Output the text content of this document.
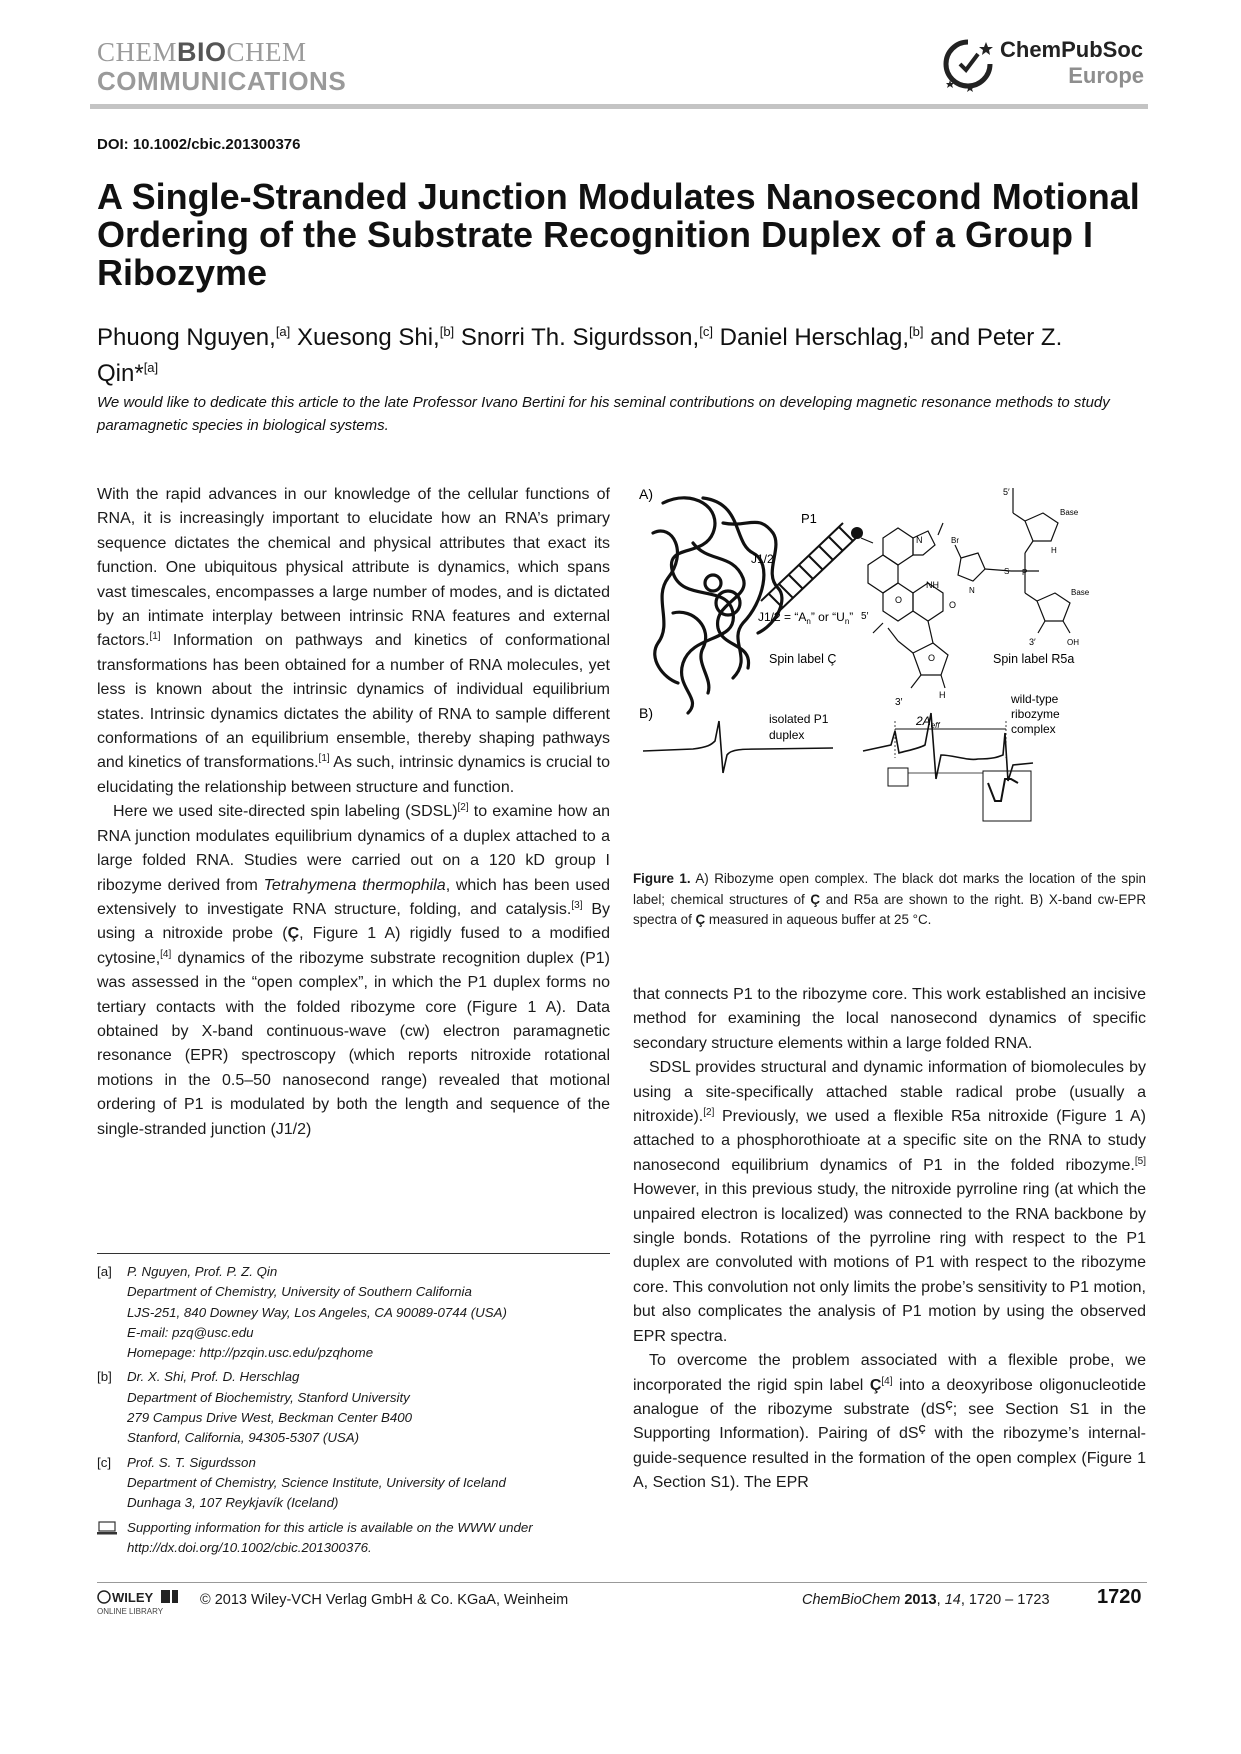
CHEMBIOCHEM
COMMUNICATIONS
ChemPubSoc
Europe
DOI: 10.1002/cbic.201300376
A Single-Stranded Junction Modulates Nanosecond Motional Ordering of the Substrate Recognition Duplex of a Group I Ribozyme
Phuong Nguyen,[a] Xuesong Shi,[b] Snorri Th. Sigurdsson,[c] Daniel Herschlag,[b] and Peter Z. Qin*[a]
We would like to dedicate this article to the late Professor Ivano Bertini for his seminal contributions on developing magnetic resonance methods to study paramagnetic species in biological systems.

With the rapid advances in our knowledge of the cellular functions of RNA, it is increasingly important to elucidate how an RNA’s primary sequence dictates the chemical and physical attributes that exact its function. One ubiquitous physical attribute is dynamics, which spans vast timescales, encompasses a large number of modes, and is dictated by an intimate interplay between intrinsic RNA features and external factors.[1] Information on pathways and kinetics of conformational transformations has been obtained for a number of RNA molecules, yet less is known about the intrinsic dynamics of individual equilibrium states. Intrinsic dynamics dictates the ability of RNA to sample different conformations of an equilibrium ensemble, thereby shaping pathways and kinetics of transformations.[1] As such, intrinsic dynamics is crucial to elucidating the relationship between structure and function.

Here we used site-directed spin labeling (SDSL)[2] to examine how an RNA junction modulates equilibrium dynamics of a duplex attached to a large folded RNA. Studies were carried out on a 120 kD group I ribozyme derived from Tetrahymena thermophila, which has been used extensively to investigate RNA structure, folding, and catalysis.[3] By using a nitroxide probe (Ç, Figure 1 A) rigidly fused to a modified cytosine,[4] dynamics of the ribozyme substrate recognition duplex (P1) was assessed in the “open complex”, in which the P1 duplex forms no tertiary contacts with the folded ribozyme core (Figure 1 A). Data obtained by X-band continuous-wave (cw) electron paramagnetic resonance (EPR) spectroscopy (which reports nitroxide rotational motions in the 0.5–50 nanosecond range) revealed that motional ordering of P1 is modulated by both the length and sequence of the single-stranded junction (J1/2)

A)
B)
P1
J1/2
$J1/2 = “A_n$” or “$U_n$”
N
O
NH
O
O
H
5′
3′
Spin label Ç
Base
Base
H
OH
S P
Br
N
5′
3′
Spin label R5a
isolated P1
duplex
$2A_{eff}$
wild-type
ribozyme
complex
Figure 1. A) Ribozyme open complex. The black dot marks the location of the spin label; chemical structures of Ç and R5a are shown to the right. B) X-band cw-EPR spectra of Ç measured in aqueous buffer at 25 °C.

that connects P1 to the ribozyme core. This work established an incisive method for examining the local nanosecond dynamics of specific secondary structure elements within a large folded RNA.

SDSL provides structural and dynamic information of biomolecules by using a site-specifically attached stable radical probe (usually a nitroxide).[2] Previously, we used a flexible R5a nitroxide (Figure 1 A) attached to a phosphorothioate at a specific site on the RNA to study nanosecond equilibrium dynamics of P1 in the folded ribozyme.[5] However, in this previous study, the nitroxide pyrroline ring (at which the unpaired electron is localized) was connected to the RNA backbone by single bonds. Rotations of the pyrroline ring with respect to the P1 duplex are convoluted with motions of P1 with respect to the ribozyme core. This convolution not only limits the probe’s sensitivity to P1 motion, but also complicates the analysis of P1 motion by using the observed EPR spectra.

To overcome the problem associated with a flexible probe, we incorporated the rigid spin label Ç[4] into a deoxyribose oligonucleotide analogue of the ribozyme substrate ($dS^Ç$; see Section S1 in the Supporting Information). Pairing of $dS^Ç$ with the ribozyme’s internal-guide-sequence resulted in the formation of the open complex (Figure 1 A, Section S1). The EPR

[a] P. Nguyen, Prof. P. Z. Qin
Department of Chemistry, University of Southern California
LJS-251, 840 Downey Way, Los Angeles, CA 90089-0744 (USA)
E-mail: pzq@usc.edu
Homepage: http://pzqin.usc.edu/pzqhome
[b] Dr. X. Shi, Prof. D. Herschlag
Department of Biochemistry, Stanford University
279 Campus Drive West, Beckman Center B400
Stanford, California, 94305-5307 (USA)
[c] Prof. S. T. Sigurdsson
Department of Chemistry, Science Institute, University of Iceland
Dunhaga 3, 107 Reykjavík (Iceland)
Supporting information for this article is available on the WWW under
http://dx.doi.org/10.1002/cbic.201300376.
WILEY
ONLINE LIBRARY
© 2013 Wiley-VCH Verlag GmbH & Co. KGaA, Weinheim	ChemBioChem 2013, 14, 1720 – 1723 1720
